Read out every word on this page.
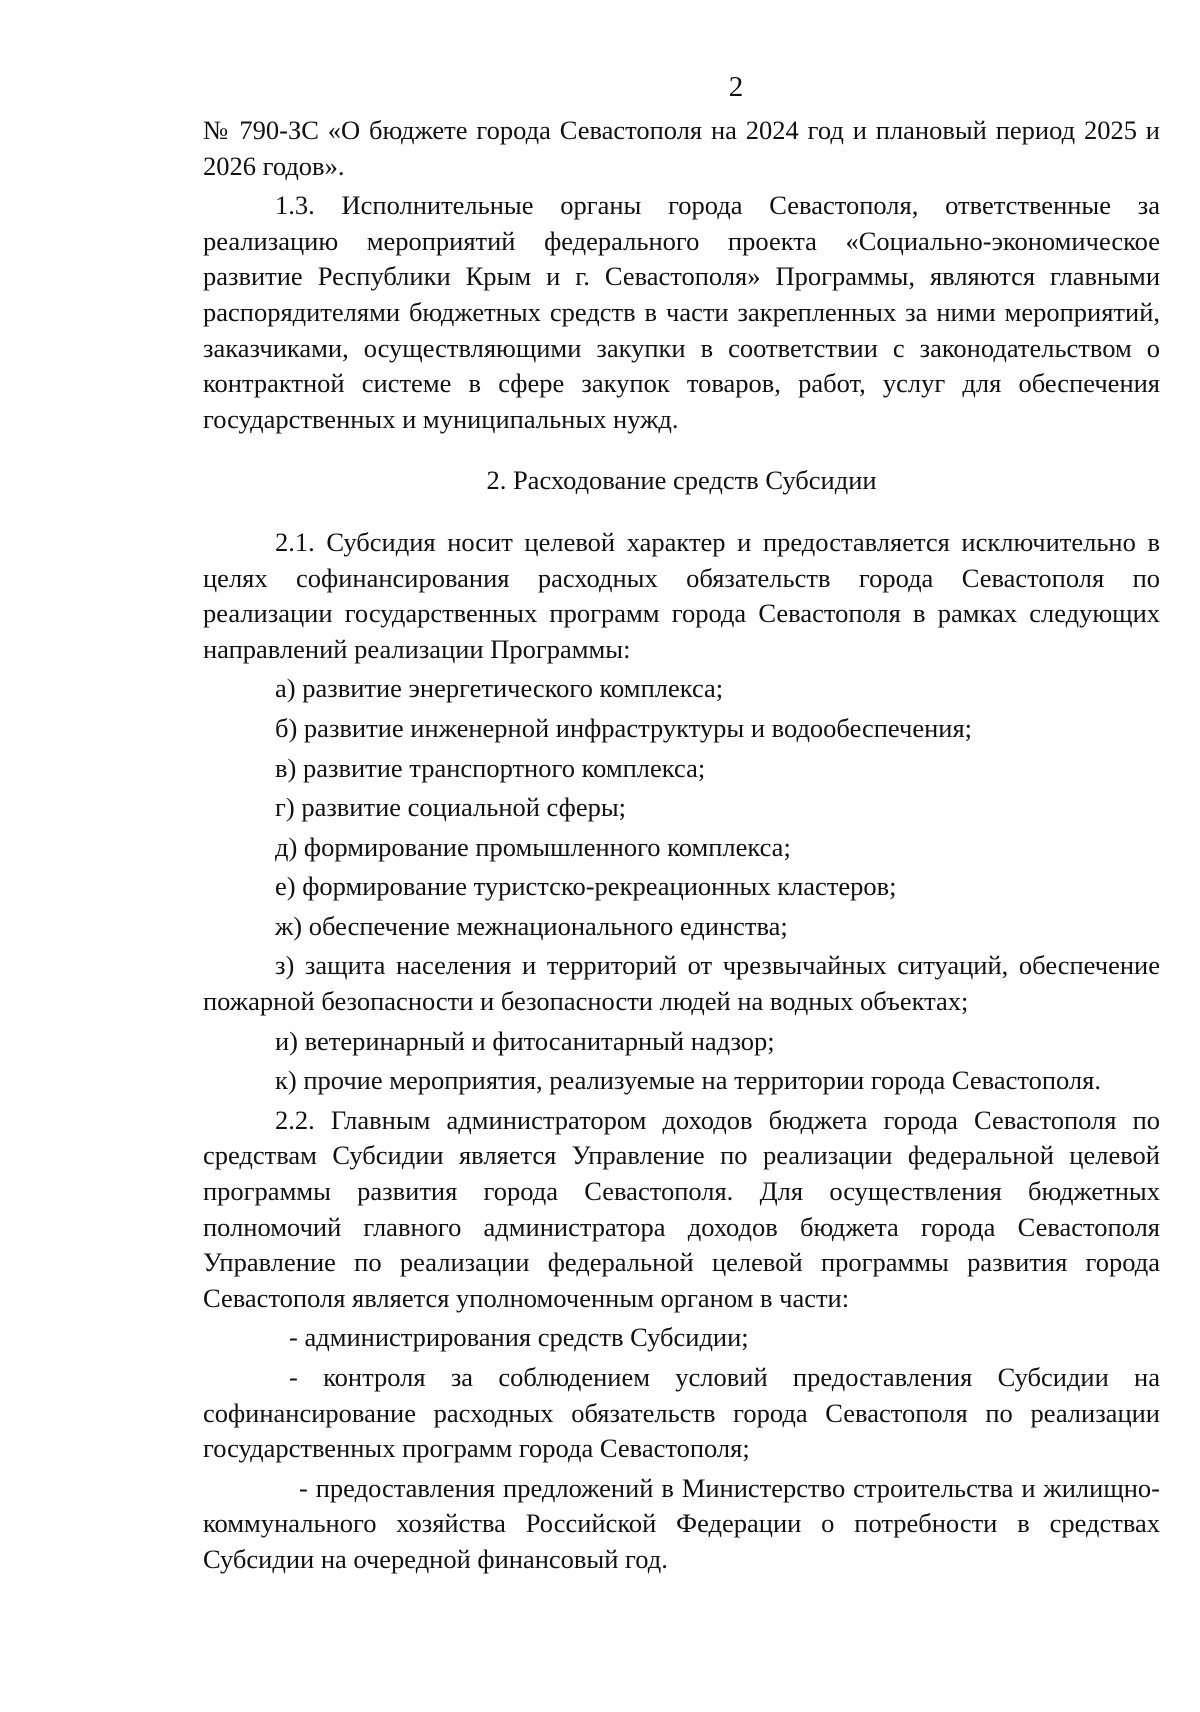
2

№ 790-ЗС «О бюджете города Севастополя на 2024 год и плановый период 2025 и 2026 годов».

1.3. Исполнительные органы города Севастополя, ответственные за реализацию мероприятий федерального проекта «Социально-экономическое развитие Республики Крым и г. Севастополя» Программы, являются главными распорядителями бюджетных средств в части закрепленных за ними мероприятий, заказчиками, осуществляющими закупки в соответствии с законодательством о контрактной системе в сфере закупок товаров, работ, услуг для обеспечения государственных и муниципальных нужд.

2. Расходование средств Субсидии

2.1. Субсидия носит целевой характер и предоставляется исключительно в целях софинансирования расходных обязательств города Севастополя по реализации государственных программ города Севастополя в рамках следующих направлений реализации Программы:

а) развитие энергетического комплекса;

б) развитие инженерной инфраструктуры и водообеспечения;

в) развитие транспортного комплекса;

г) развитие социальной сферы;

д) формирование промышленного комплекса;

е) формирование туристско-рекреационных кластеров;

ж) обеспечение межнационального единства;

з) защита населения и территорий от чрезвычайных ситуаций, обеспечение пожарной безопасности и безопасности людей на водных объектах;

и) ветеринарный и фитосанитарный надзор;

к) прочие мероприятия, реализуемые на территории города Севастополя.

2.2. Главным администратором доходов бюджета города Севастополя по средствам Субсидии является Управление по реализации федеральной целевой программы развития города Севастополя. Для осуществления бюджетных полномочий главного администратора доходов бюджета города Севастополя Управление по реализации федеральной целевой программы развития города Севастополя является уполномоченным органом в части:

- администрирования средств Субсидии;

- контроля за соблюдением условий предоставления Субсидии на софинансирование расходных обязательств города Севастополя по реализации государственных программ города Севастополя;

- предоставления предложений в Министерство строительства и жилищно-коммунального хозяйства Российской Федерации о потребности в средствах Субсидии на очередной финансовый год.
